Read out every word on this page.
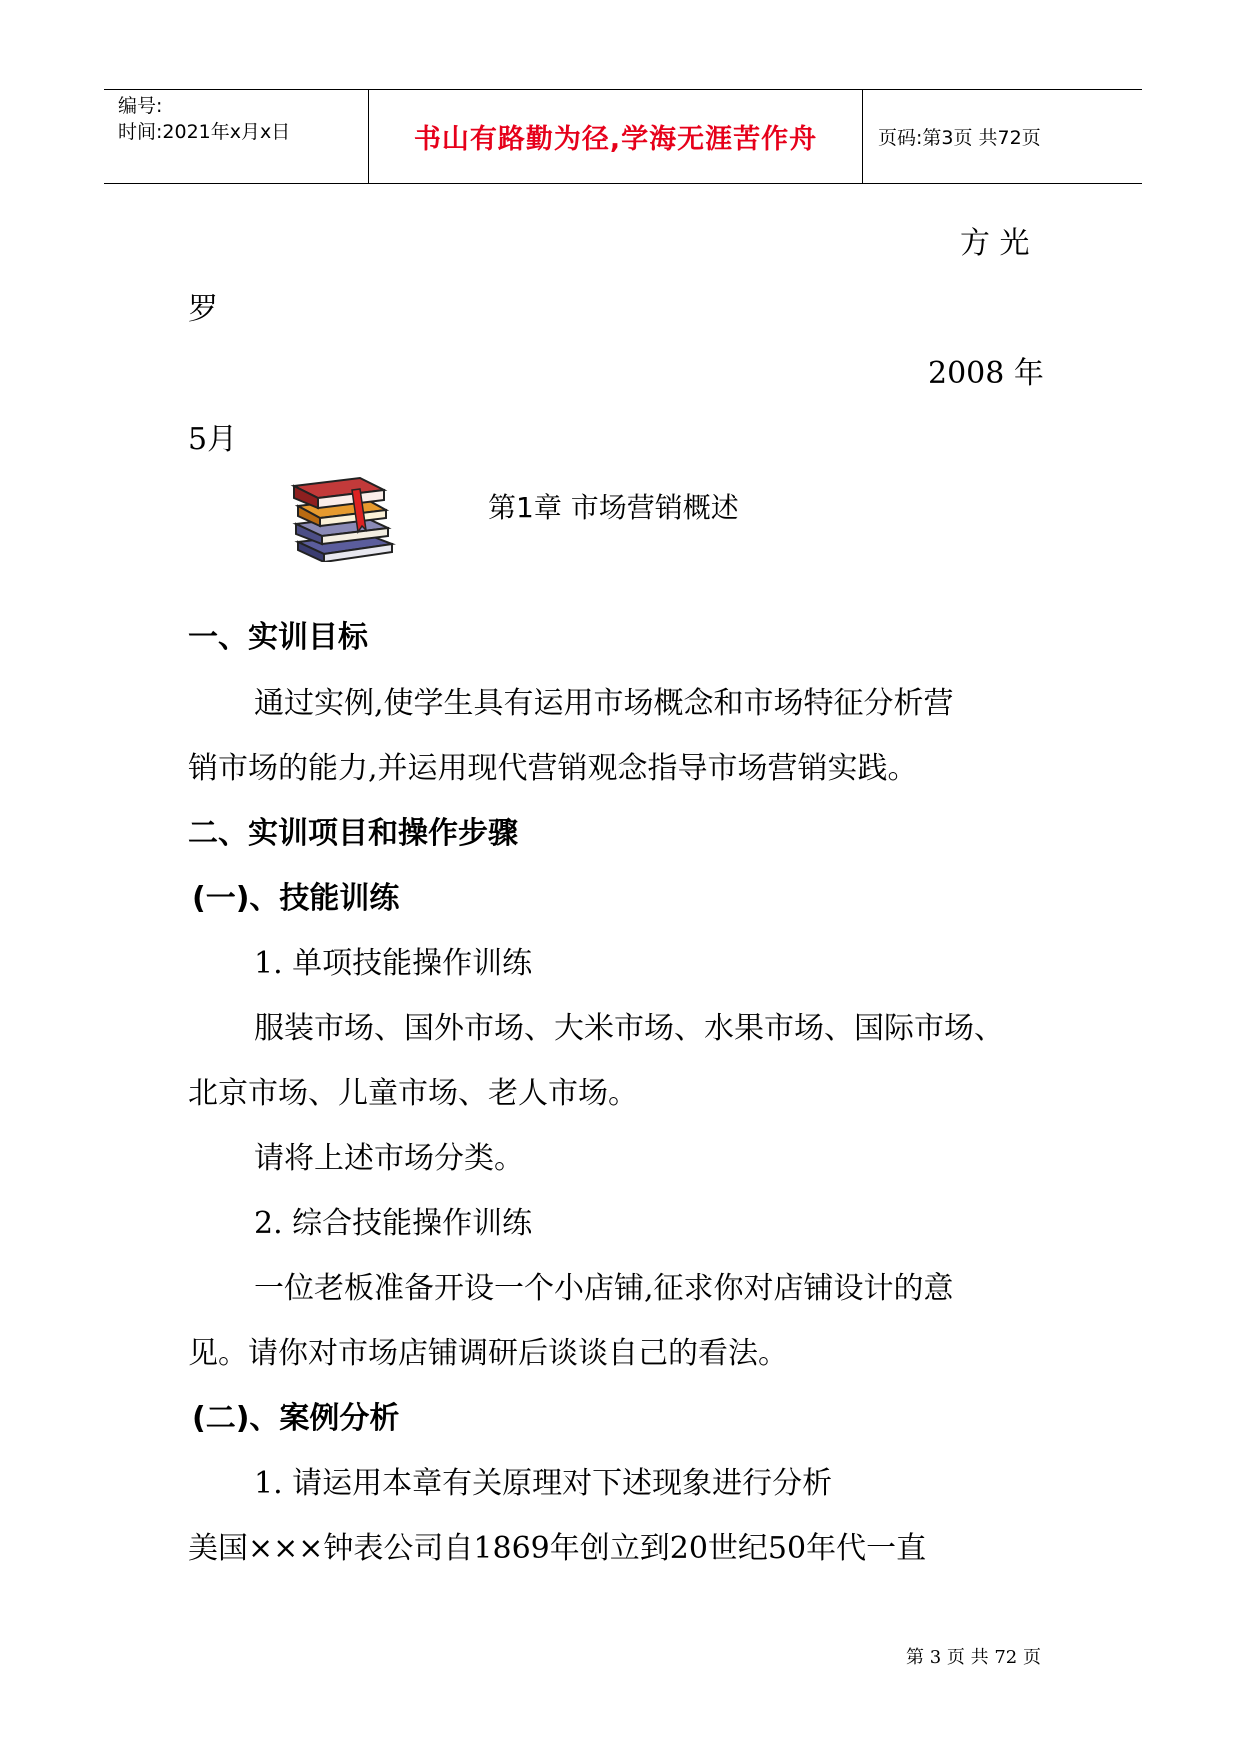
编号:
时间:2021年x月x日	书山有路勤为径,学海无涯苦作舟	页码:第3页 共72页
方 光
罗
2008 年
5月
第1章 市场营销概述
一、实训目标
通过实例,使学生具有运用市场概念和市场特征分析营
销市场的能力,并运用现代营销观念指导市场营销实践。
二、实训项目和操作步骤
(一)、技能训练
1. 单项技能操作训练
服装市场、国外市场、大米市场、水果市场、国际市场、
北京市场、儿童市场、老人市场。
请将上述市场分类。
2. 综合技能操作训练
一位老板准备开设一个小店铺,征求你对店铺设计的意
见。请你对市场店铺调研后谈谈自己的看法。
(二)、案例分析
1. 请运用本章有关原理对下述现象进行分析
美国×××钟表公司自1869年创立到20世纪50年代一直
第 3 页 共 72 页
